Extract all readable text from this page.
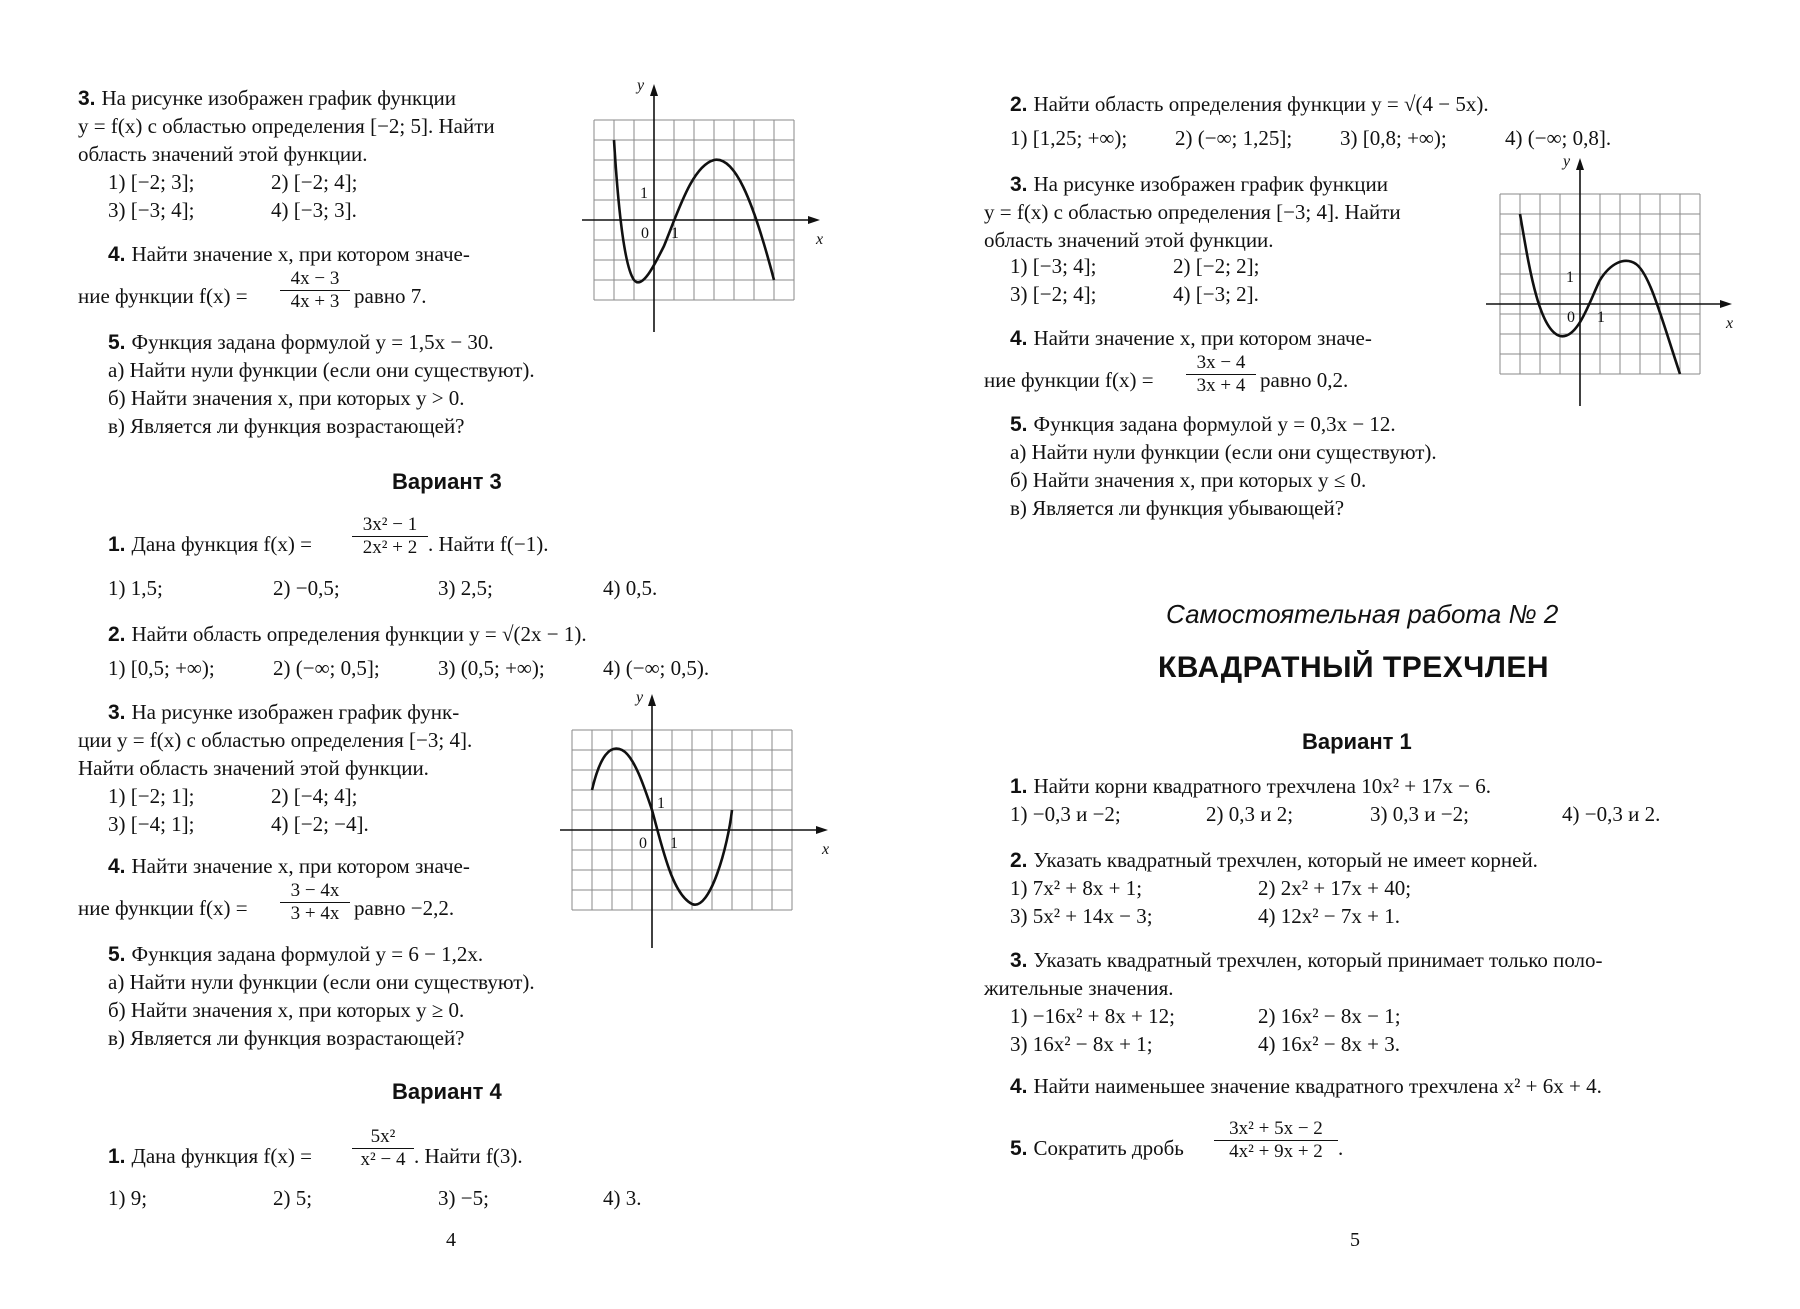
3. На рисунке изображен график функции
y = f(x) с областью определения [−2; 5]. Найти
область значений этой функции.
1) [−2; 3];	2) [−2; 4];
3) [−3; 4];	4) [−3; 3].
4. Найти значение x, при котором значе-
ние функции $f(x) = \frac{4x - 3}{4x + 3}$ равно 7.
5. Функция задана формулой y = 1,5x − 30.
а) Найти нули функции (если они существуют).
б) Найти значения x, при которых y > 0.
в) Является ли функция возрастающей?
y
x
0
1
1
Вариант 3
1. Дана функция $f(x) = \frac{\text{3x² − 1}}{\text{2x² + 2}}$ . Найти f(−1).
1) 1,5;	2) −0,5;	3) 2,5;	4) 0,5.
2. Найти область определения функции y = √(2x − 1).
1) [0,5; +∞);	2) (−∞; 0,5];	3) (0,5; +∞);	4) (−∞; 0,5).
3. На рисунке изображен график функ-
ции y = f(x) с областью определения [−3; 4].
Найти область значений этой функции.
1) [−2; 1];	2) [−4; 4];
3) [−4; 1];	4) [−2; −4].
4. Найти значение x, при котором значе-
ние функции $f(x) = \frac{3 - 4x}{3 + 4x}$ равно −2,2.
5. Функция задана формулой y = 6 − 1,2x.
а) Найти нули функции (если они существуют).
б) Найти значения x, при которых y ≥ 0.
в) Является ли функция возрастающей?
y
x
0
1
1
Вариант 4
1. Дана функция $f(x) = \frac{\text{5x²}}{\text{x² − 4}}$ . Найти f(3).
1) 9;	2) 5;	3) −5;	4) 3.
4
2. Найти область определения функции y = √(4 − 5x).
1) [1,25; +∞); 2) (−∞; 1,25]; 3) [0,8; +∞);	4) (−∞; 0,8].
3. На рисунке изображен график функции
y = f(x) с областью определения [−3; 4]. Найти
область значений этой функции.
1) [−3; 4];	2) [−2; 2];
3) [−2; 4];	4) [−3; 2].
4. Найти значение x, при котором значе-
ние функции $f(x) = \frac{3x - 4}{3x + 4}$ равно 0,2.
5. Функция задана формулой y = 0,3x − 12.
а) Найти нули функции (если они существуют).
б) Найти значения x, при которых y ≤ 0.
в) Является ли функция убывающей?
y
x
0
1
1
Самостоятельная работа № 2
КВАДРАТНЫЙ ТРЕХЧЛЕН
Вариант 1
1. Найти корни квадратного трехчлена 10x² + 17x − 6.
1) −0,3 и −2;	2) 0,3 и 2;	3) 0,3 и −2;	4) −0,3 и 2.
2. Указать квадратный трехчлен, который не имеет корней.
1) 7x² + 8x + 1;	2) 2x² + 17x + 40;
3) 5x² + 14x − 3;	4) 12x² − 7x + 1.
3. Указать квадратный трехчлен, который принимает только поло-
жительные значения.
1) −16x² + 8x + 12;	2) 16x² − 8x − 1;
3) 16x² − 8x + 1;	4) 16x² − 8x + 3.
4. Найти наименьшее значение квадратного трехчлена x² + 6x + 4.
5. Сократить дробь $\frac{\text{3x² + 5x − 2}}{\text{4x² + 9x + 2}}$ .
5
